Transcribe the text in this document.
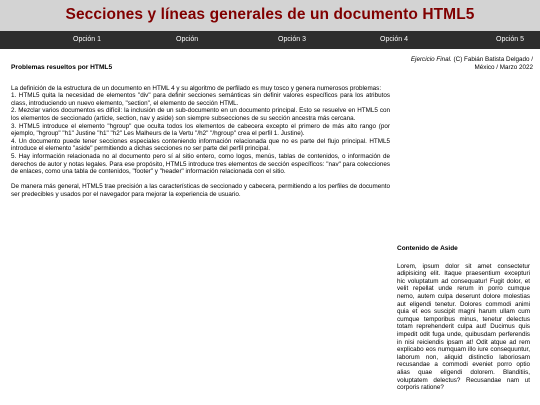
Secciones y líneas generales de un documento HTML5
Opción 1	Opción 2
Opción 3	Opción 4	Opción 5
Ejercicio Final. (C) Fabián Batista Delgado /
México / Marzo 2022
Problemas resueltos por HTML5

La definición de la estructura de un documento en HTML 4 y su algoritmo de perfilado es muy tosco y genera numerosos problemas:
1. HTML5 quita la necesidad de elementos "div" para definir secciones semánticas sin definir valores específicos para los atributos class, introduciendo un nuevo elemento, "section", el elemento de sección HTML.
2. Mezclar varios documentos es difícil: la inclusión de un sub-documento en un documento principal. Esto se resuelve en HTML5 con los elementos de seccionado (article, section, nav y aside) son siempre subsecciones de su sección ancestra más cercana.
3. HTML5 introduce el elemento "hgroup" que oculta todos los elementos de cabecera excepto el primero de más alto rango (por ejemplo, "hgroup" "h1" Justine "h1" "h2" Les Malheurs de la Vertu "/h2" "/hgroup" crea el perfil 1. Justine).
4. Un documento puede tener secciones especiales conteniendo información relacionada que no es parte del flujo principal. HTML5 introduce el elemento "aside" permitiendo a dichas secciones no ser parte del perfil principal.
5. Hay información relacionada no al documento pero sí al sitio entero, como logos, menús, tablas de contenidos, o información de derechos de autor y notas legales. Para ese propósito, HTML5 introduce tres elementos de sección específicos: "nav" para colecciones de enlaces, como una tabla de contenidos, "footer" y "header" información relacionada con el sitio.

De manera más general, HTML5 trae precisión a las características de seccionado y cabecera, permitiendo a los perfiles de documento ser predecibles y usados por el navegador para mejorar la experiencia de usuario.

Contenido de Aside

Lorem, ipsum dolor sit amet consectetur adipisicing elit. Itaque praesentium excepturi hic voluptatum ad consequatur! Fugit dolor, et velit repellat unde rerum in porro cumque nemo, autem culpa deserunt dolore molestias aut eligendi tenetur. Dolores commodi animi quia et eos suscipit magni harum ullam cum cumque temporibus minus, tenetur delectus totam reprehenderit culpa aut! Ducimus quis impedit odit fuga unde, quibusdam perferendis in nisi reiciendis ipsam at! Odit atque ad rem explicabo eos numquam illo iure consequuntur, laborum non, aliquid distinctio laboriosam recusandae a commodi eveniet porro optio alias quae eligendi dolorem. Blanditiis, voluptatem delectus? Recusandae nam ut corporis ratione?
